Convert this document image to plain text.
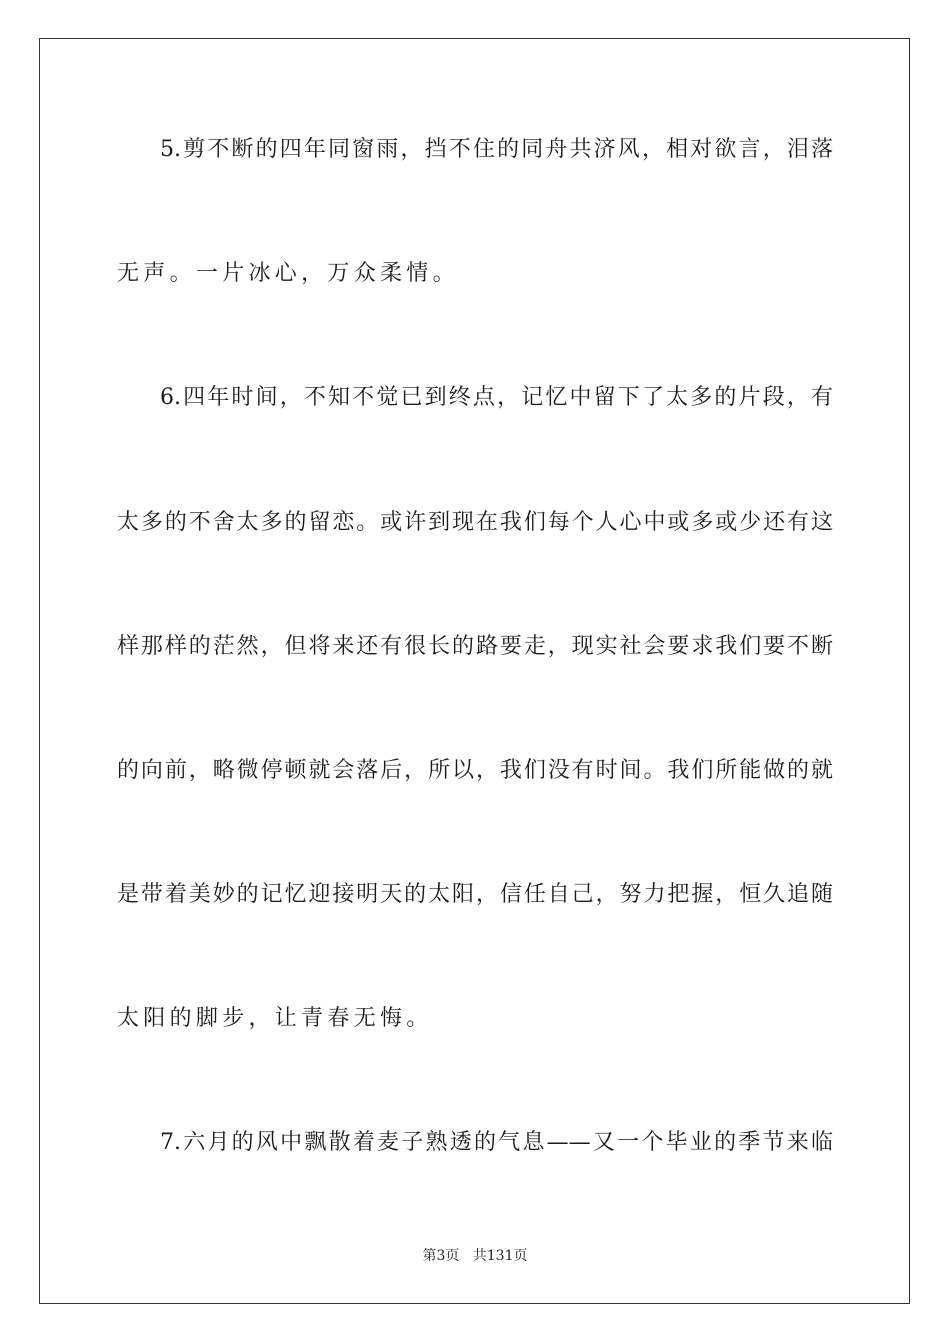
5.剪不断的四年同窗雨，挡不住的同舟共济风，相对欲言，泪落
无声。一片冰心，万众柔情。
6.四年时间，不知不觉已到终点，记忆中留下了太多的片段，有
太多的不舍太多的留恋。或许到现在我们每个人心中或多或少还有这
样那样的茫然，但将来还有很长的路要走，现实社会要求我们要不断
的向前，略微停顿就会落后，所以，我们没有时间。我们所能做的就
是带着美妙的记忆迎接明天的太阳，信任自己，努力把握，恒久追随
太阳的脚步，让青春无悔。
7.六月的风中飘散着麦子熟透的气息——又一个毕业的季节来临
第3页 共131页
